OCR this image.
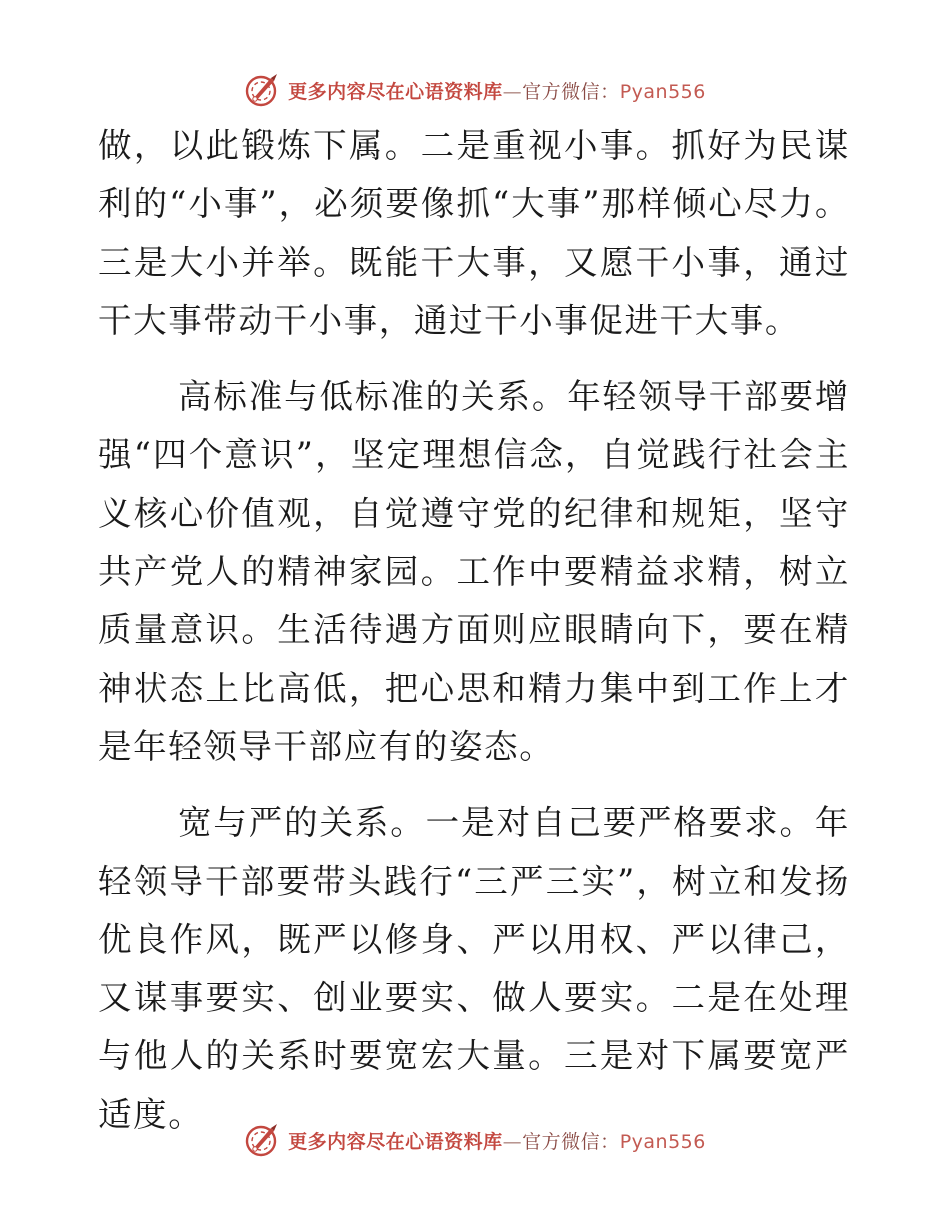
更多内容尽在心语资料库—官方微信：Pyan556

做，以此锻炼下属。二是重视小事。抓好为民谋利的“小事”，必须要像抓“大事”那样倾心尽力。三是大小并举。既能干大事，又愿干小事，通过干大事带动干小事，通过干小事促进干大事。

高标准与低标准的关系。年轻领导干部要增强“四个意识”，坚定理想信念，自觉践行社会主义核心价值观，自觉遵守党的纪律和规矩，坚守共产党人的精神家园。工作中要精益求精，树立质量意识。生活待遇方面则应眼睛向下，要在精神状态上比高低，把心思和精力集中到工作上才是年轻领导干部应有的姿态。

宽与严的关系。一是对自己要严格要求。年轻领导干部要带头践行“三严三实”，树立和发扬优良作风，既严以修身、严以用权、严以律己，又谋事要实、创业要实、做人要实。二是在处理与他人的关系时要宽宏大量。三是对下属要宽严适度。

更多内容尽在心语资料库—官方微信：Pyan556
